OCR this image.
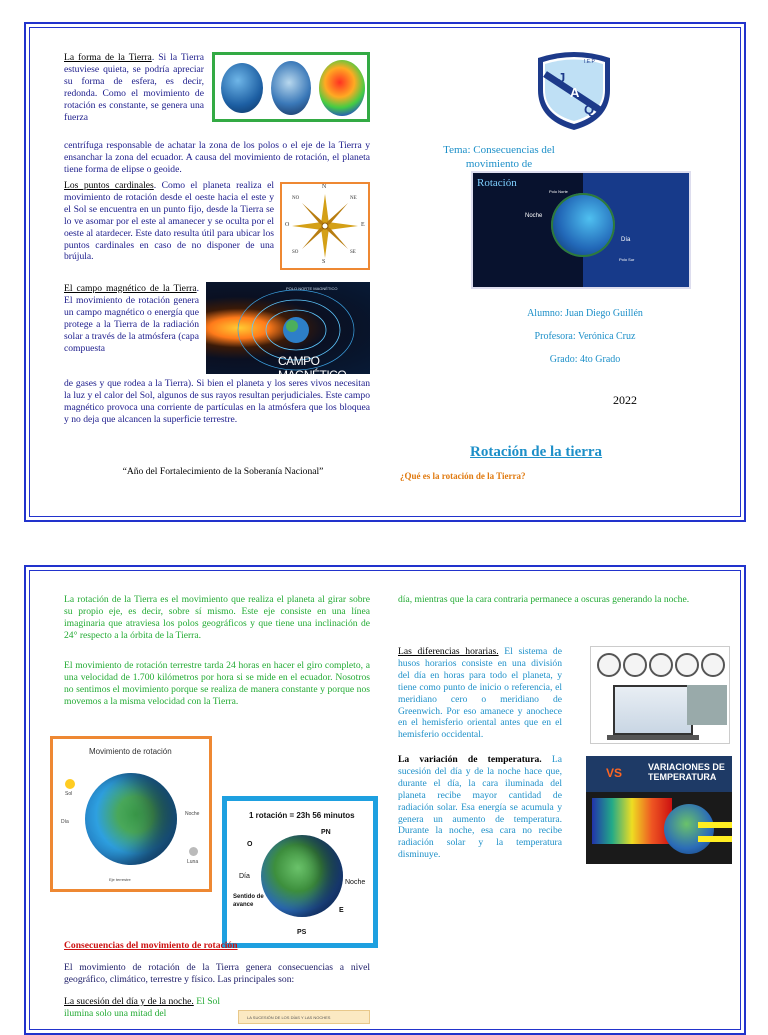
La forma de la Tierra. Si la Tierra estuviese quieta, se podría apreciar su forma de esfera, es decir, redonda. Como el movimiento de rotación es constante, se genera una fuerza
centrífuga responsable de achatar la zona de los polos o el eje de la Tierra y ensanchar la zona del ecuador. A causa del movimiento de rotación, el planeta tiene forma de elipse o geoide.
Los puntos cardinales. Como el planeta realiza el movimiento de rotación desde el oeste hacia el este y el Sol se encuentra en un punto fijo, desde la Tierra se lo ve asomar por el este al amanecer y se oculta por el oeste al atardecer. Este dato resulta útil para ubicar los puntos cardinales en caso de no disponer de una brújula.
N
S
E
O
NE
NO
SE
SO
El campo magnético de la Tierra. El movimiento de rotación genera un campo magnético o energía que protege a la Tierra de la radiación solar a través de la atmósfera (capa compuesta
POLO NORTE MAGNÉTICO
CAMPO MAGNÉTICO
de gases y que rodea a la Tierra). Si bien el planeta y los seres vivos necesitan la luz y el calor del Sol, algunos de sus rayos resultan perjudiciales. Este campo magnético provoca una corriente de partículas en la atmósfera que los bloquea y no deja que alcancen la superficie terrestre.
“Año del Fortalecimiento de la Soberanía Nacional”
I.E.P
J
A
Q
Tema: Consecuencias del movimiento de
Rotación
Noche
Día
Polo Norte
Polo Sur
Alumno: Juan Diego Guillén
Profesora: Verónica Cruz
Grado: 4to Grado
2022
Rotación de la tierra
¿Qué es la rotación de la Tierra?
La rotación de la Tierra es el movimiento que realiza el planeta al girar sobre su propio eje, es decir, sobre sí mismo. Este eje consiste en una línea imaginaria que atraviesa los polos geográficos y que tiene una inclinación de 24° respecto a la órbita de la Tierra.
El movimiento de rotación terrestre tarda 24 horas en hacer el giro completo, a una velocidad de 1.700 kilómetros por hora si se mide en el ecuador. Nosotros no sentimos el movimiento porque se realiza de manera constante y porque nos movemos a la misma velocidad con la Tierra.
Movimiento de rotación
Sol
Día
Noche
Luna
Eje terrestre
1 rotación = 23h 56 minutos
PN
PS
O
E
Día
Noche
Sentido de avance
Consecuencias del movimiento de rotación
El movimiento de rotación de la Tierra genera consecuencias a nivel geográfico, climático, terrestre y físico. Las principales son:
La sucesión del día y de la noche. El Sol ilumina solo una mitad del	LA SUCESIÓN DE LOS DÍAS Y LAS NOCHES
día, mientras que la cara contraria permanece a oscuras generando la noche.
Las diferencias horarias. El sistema de husos horarios consiste en una división del día en horas para todo el planeta, y tiene como punto de inicio o referencia, el meridiano cero o meridiano de Greenwich. Por eso amanece y anochece en el hemisferio oriental antes que en el hemisferio occidental.
La variación de temperatura. La sucesión del día y de la noche hace que, durante el día, la cara iluminada del planeta recibe mayor cantidad de radiación solar. Esa energía se acumula y genera un aumento de temperatura. Durante la noche, esa cara no recibe radiación solar y la temperatura disminuye.
VS	VARIACIONES DE TEMPERATURA
